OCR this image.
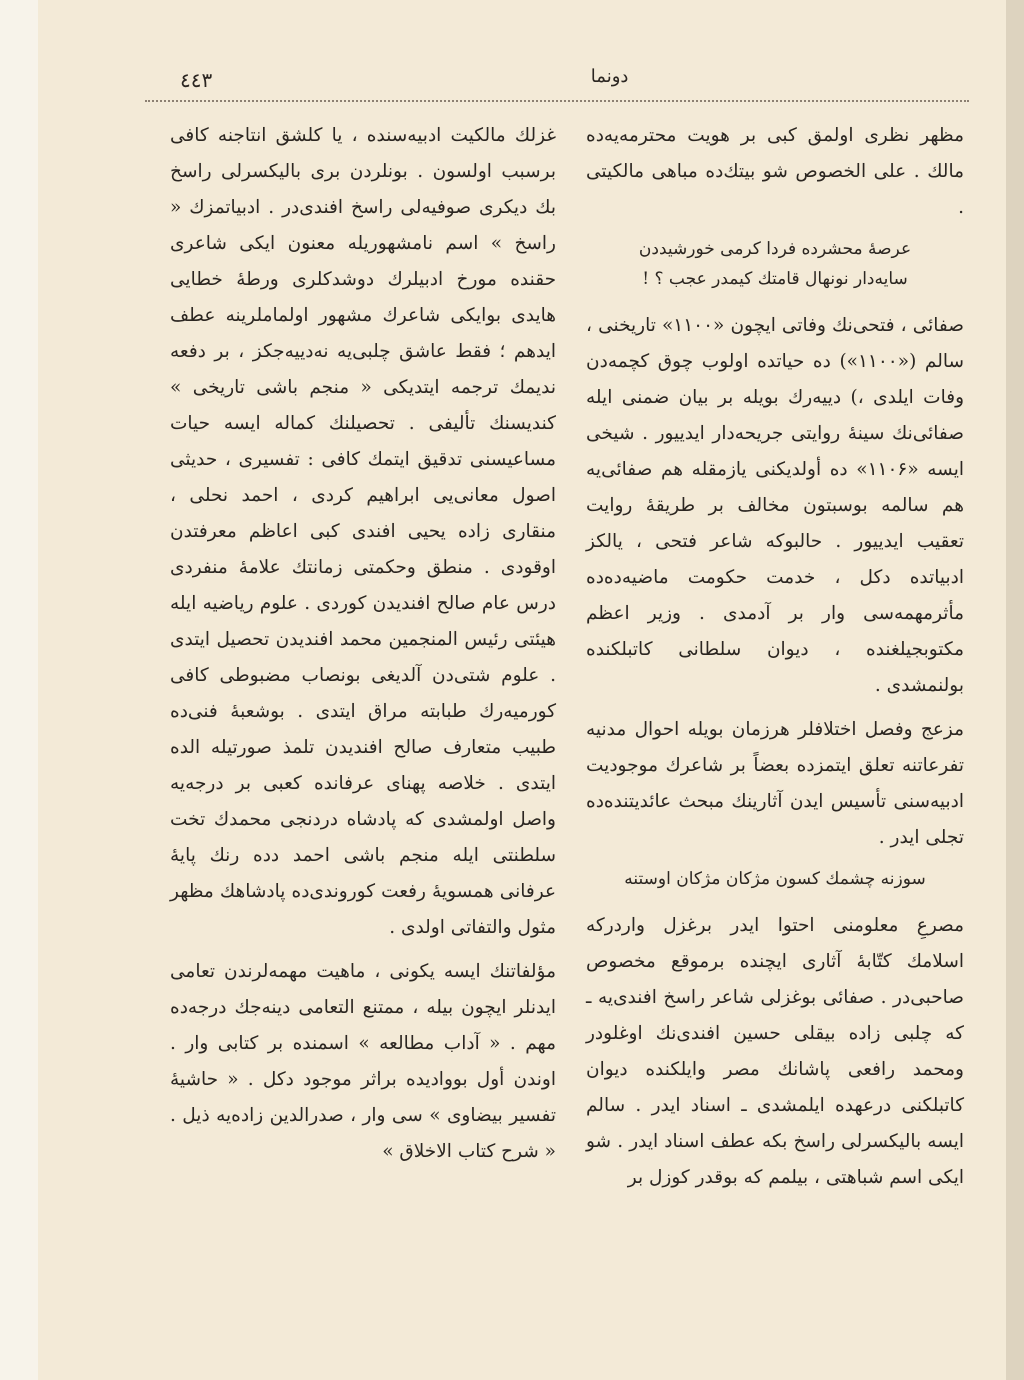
دونما
٤٤٣

مظهر نظری اولمق کبی بر هویت محترمه‌یه‌ده مالك . علی الخصوص شو بیتك‌ده مباهی مالکیتی .

عرصهٔ محشرده فردا کرمی خورشیددن
سایه‌دار نونهال قامتك کیمدر عجب ؟ !

صفائی ، فتحی‌نك وفاتی ایچون «۱۱۰۰» تاریخنی ، سالم («۱۱۰۰») ده حیاتده اولوب چوق کچمه‌دن وفات ایلدی ،) دییه‌رك بویله بر بیان ضمنی ایله صفائی‌نك سینهٔ روایتی جریحه‌دار ایدییور . شیخی ایسه «۱۱۰۶» ده أولدیکنی یازمقله هم صفائی‌یه هم سالمه بوسبتون مخالف بر طریقهٔ روایت تعقیب ایدییور . حالبوکه شاعر فتحی ، یالکز ادبیاتده دکل ، خدمت حکومت ماضیه‌ده‌ده مأثرمهمه‌سی وار بر آدمدی . وزیر اعظم مکتوبجیلغنده ، دیوان سلطانی کاتبلکنده بولنمشدی .

مزعج وفصل اختلافلر هرزمان بویله احوال مدنیه تفرعاتنه تعلق ایتمزده بعضاً بر شاعرك موجودیت ادبیه‌سنی تأسیس ایدن آثارینك مبحث عائدیتنده‌ده تجلی ایدر .

سوزنه چشمك کسون مژکان مژکان اوستنه

مصرعِ معلومنی احتوا ایدر برغزل واردرکه اسلامك کتّابهٔ آثاری ایچنده برموقع مخصوص صاحبی‌در . صفائی بوغزلی شاعر راسخ افندی‌یه ـ که چلبی زاده بیقلی حسین افندی‌نك اوغلودر ومحمد رافعی پاشانك مصر وایلکنده دیوان کاتبلکنی درعهده ایلمشدی ـ اسناد ایدر . سالم ایسه بالیکسرلی راسخ بکه عطف اسناد ایدر . شو ایکی اسم شباهتی ، بیلمم که بوقدر کوزل بر

غزلك مالکیت ادبیه‌سنده ، یا کلشق انتاجنه کافی برسبب اولسون . بونلردن بری بالیکسرلی راسخ بك دیکری صوفیه‌لی راسخ افندی‌در . ادبیاتمزك « راسخ » اسم نامشهوریله معنون ایکی شاعری حقنده مورخ ادبیلرك دوشدکلری ورطهٔ خطایی هایدی بوایکی شاعرك مشهور اولماملرینه عطف ایدهم ؛ فقط عاشق چلبی‌یه نه‌دییه‌جکز ، بر دفعه ندیمك ترجمه ایتدیکی « منجم باشی تاریخی » کندیسنك تألیفی . تحصیلنك کماله ایسه حیات مساعیسنی تدقیق ایتمك کافی : تفسیری ، حدیثی اصول معانی‌یی ابراهیم کردی ، احمد نحلی ، منقاری زاده یحیی افندی کبی اعاظم معرفتدن اوقودی . منطق وحکمتی زمانتك علامهٔ منفردی درس عام صالح افندیدن کوردی . علوم ریاضیه ایله هیئتی رئیس المنجمین محمد افندیدن تحصیل ایتدی . علوم شتی‌دن آلدیغی بونصاب مضبوطی کافی کورمیه‌رك طبابته مراق ایتدی . بوشعبهٔ فنی‌ده طبیب متعارف صالح افندیدن تلمذ صورتیله الده ایتدی . خلاصه پهنای عرفانده کعبی بر درجه‌یه واصل اولمشدی که پادشاه دردنجی محمدك تخت سلطنتی ایله منجم باشی احمد دده رنك پایهٔ عرفانی همسویهٔ رفعت کوروندی‌ده پادشاهك مظهر مثول والتفاتی اولدی .

مؤلفاتنك ایسه یکونی ، ماهیت مهمه‌لرندن تعامی ایدنلر ایچون بیله ، ممتنع التعامی دینه‌جك درجه‌ده مهم . « آداب مطالعه » اسمنده بر کتابی وار . اوندن أول بوواديده براثر موجود دکل . « حاشیهٔ تفسیر بیضاوی » سی وار ، صدرالدین زاده‌یه ذیل . « شرح کتاب الاخلاق »
